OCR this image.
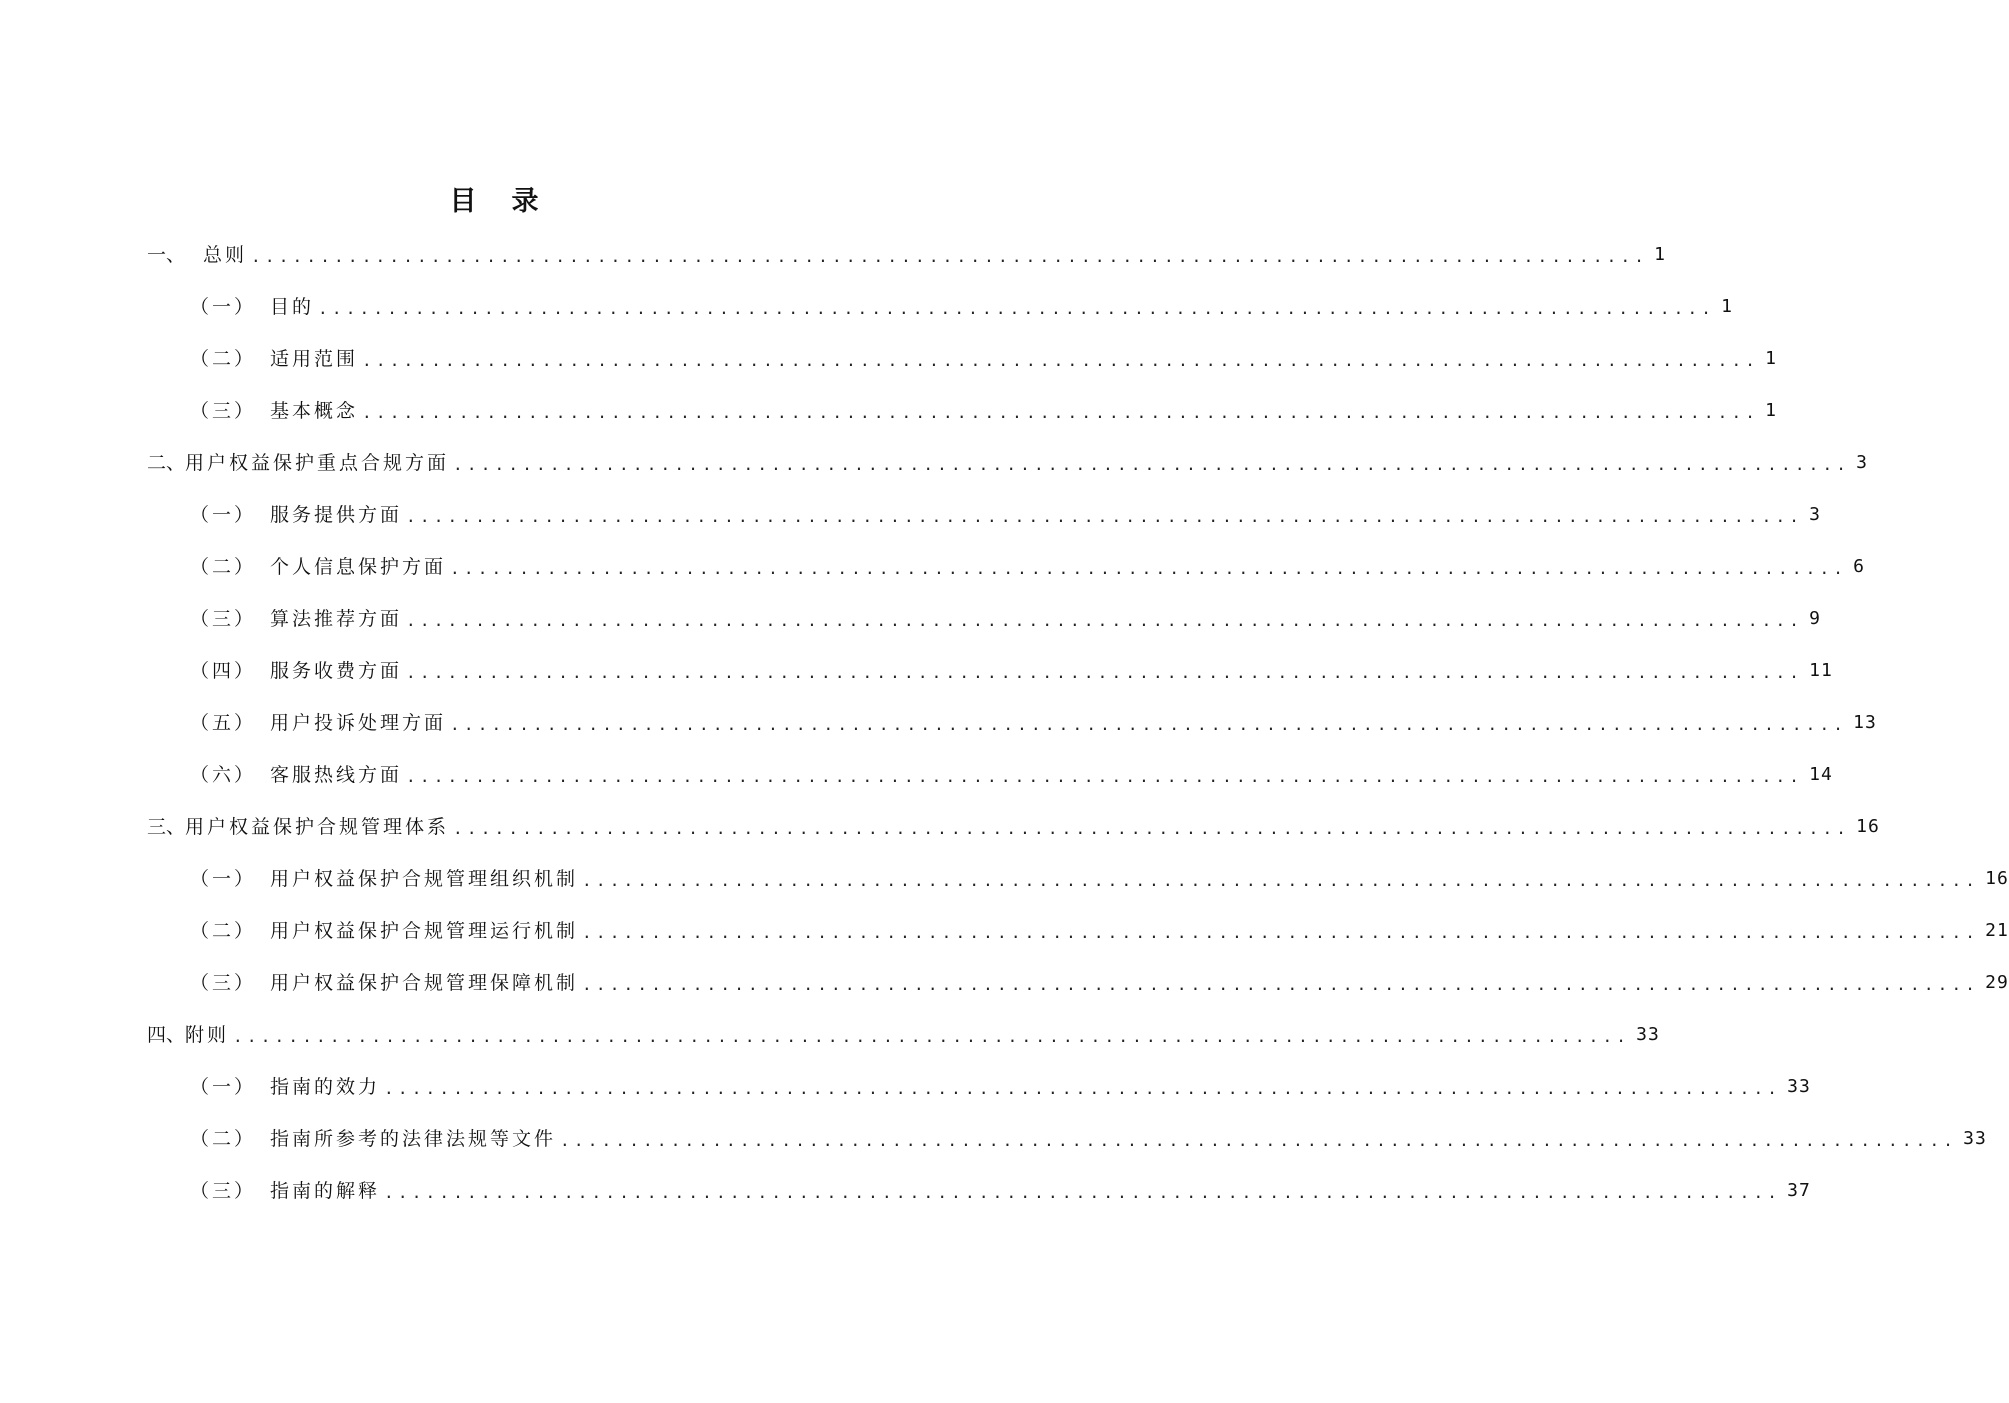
目　录
一、 总则 ..................................................................................................... 1
（一） 目的 ..................................................................................................... 1
（二） 适用范围 ..................................................................................................... 1
（三） 基本概念 ..................................................................................................... 1
二、 用户权益保护重点合规方面 ..................................................................................................... 3
（一） 服务提供方面 ..................................................................................................... 3
（二） 个人信息保护方面 ..................................................................................................... 6
（三） 算法推荐方面 ..................................................................................................... 9
（四） 服务收费方面 ..................................................................................................... 11
（五） 用户投诉处理方面 ..................................................................................................... 13
（六） 客服热线方面 ..................................................................................................... 14
三、 用户权益保护合规管理体系 ..................................................................................................... 16
（一） 用户权益保护合规管理组织机制 ..................................................................................................... 16
（二） 用户权益保护合规管理运行机制 ..................................................................................................... 21
（三） 用户权益保护合规管理保障机制 ..................................................................................................... 29
四、 附则 ..................................................................................................... 33
（一） 指南的效力 ..................................................................................................... 33
（二） 指南所参考的法律法规等文件 ..................................................................................................... 33
（三） 指南的解释 ..................................................................................................... 37
